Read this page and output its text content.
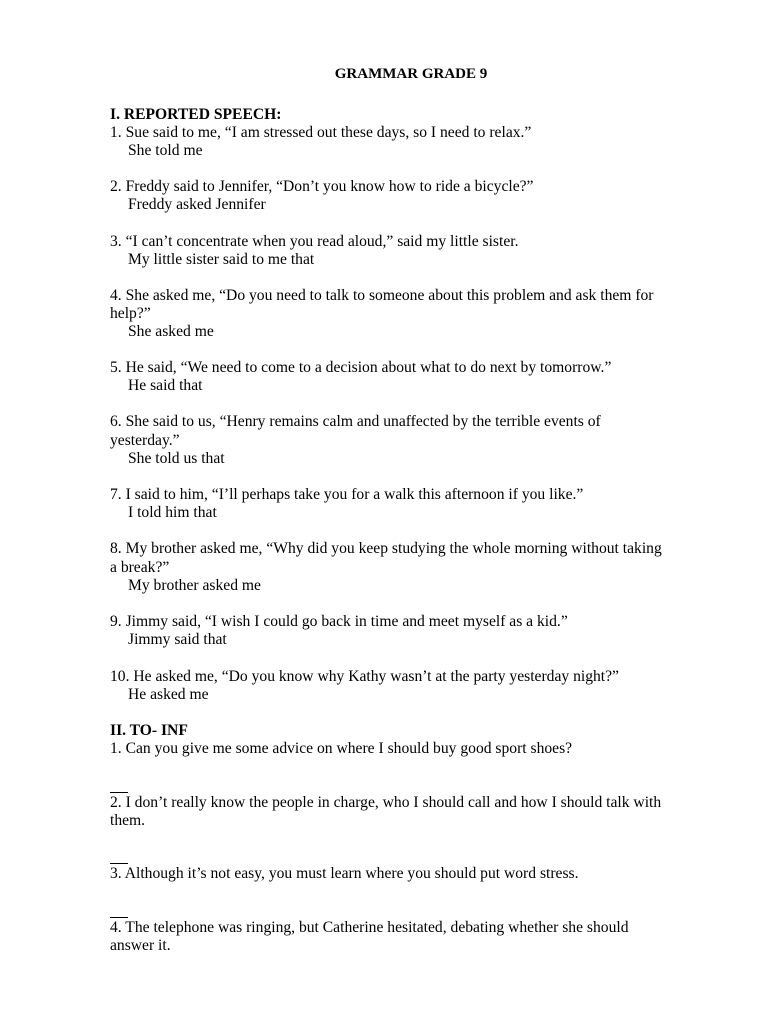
GRAMMAR GRADE 9
I. REPORTED SPEECH:
1. Sue said to me, “I am stressed out these days, so I need to relax.”
She told me
2. Freddy said to Jennifer, “Don’t you know how to ride a bicycle?”
Freddy asked Jennifer
3. “I can’t concentrate when you read aloud,” said my little sister.
My little sister said to me that
4. She asked me, “Do you need to talk to someone about this problem and ask them for
help?”
She asked me
5. He said, “We need to come to a decision about what to do next by tomorrow.”
He said that
6. She said to us, “Henry remains calm and unaffected by the terrible events of
yesterday.”
She told us that
7. I said to him, “I’ll perhaps take you for a walk this afternoon if you like.”
I told him that
8. My brother asked me, “Why did you keep studying the whole morning without taking
a break?”
My brother asked me
9. Jimmy said, “I wish I could go back in time and meet myself as a kid.”
Jimmy said that
10. He asked me, “Do you know why Kathy wasn’t at the party yesterday night?”
He asked me
II. TO- INF
1. Can you give me some advice on where I should buy good sport shoes?
2. I don’t really know the people in charge, who I should call and how I should talk with
them.
3. Although it’s not easy, you must learn where you should put word stress.
4. The telephone was ringing, but Catherine hesitated, debating whether she should
answer it.
